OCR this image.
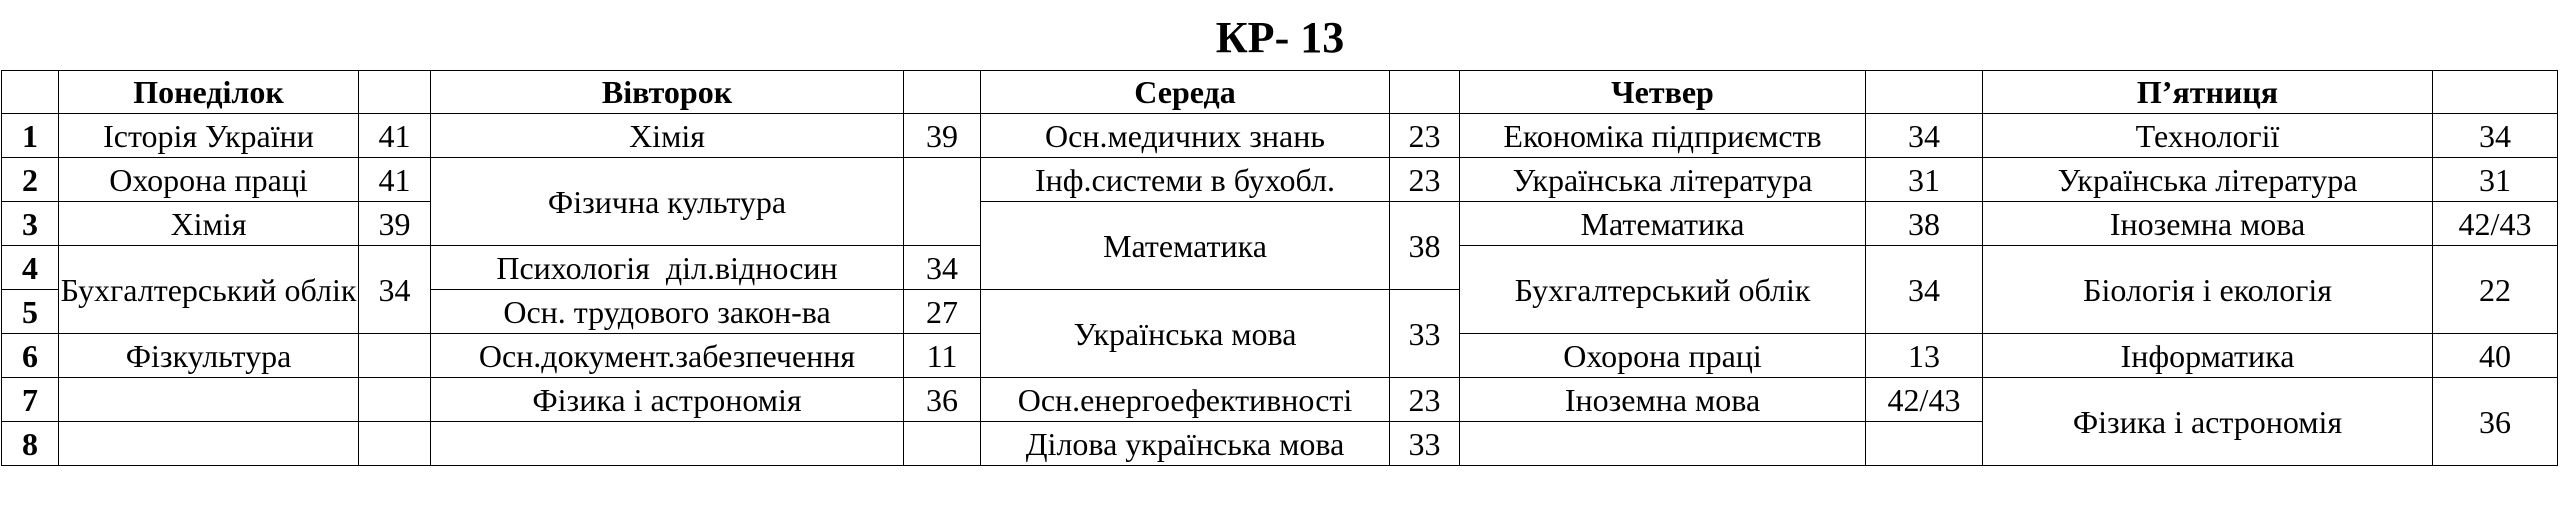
КР- 13
	Понеділок		Вівторок		Середа		Четвер		П’ятниця	
1	Історія України	41	Хімія	39	Осн.медичних знань	23	Економіка підприємств	34	Технології	34
2	Охорона праці	41	Фізична культура		Інф.системи в бухобл.	23	Українська література	31	Українська література	31
3	Хімія	39			Математика	38	Математика	38	Іноземна мова	42/43
4	Бухгалтерський облік	34	Психологія  діл.відносин	34			Бухгалтерський облік	34	Біологія і екологія	22
5			Осн. трудового закон-ва	27	Українська мова	33				
6	Фізкультура		Осн.документ.забезпечення	11			Охорона праці	13	Інформатика	40
7			Фізика і астрономія	36	Осн.енергоефективності	23	Іноземна мова	42/43	Фізика і астрономія	36
8					Ділова українська мова	33				
